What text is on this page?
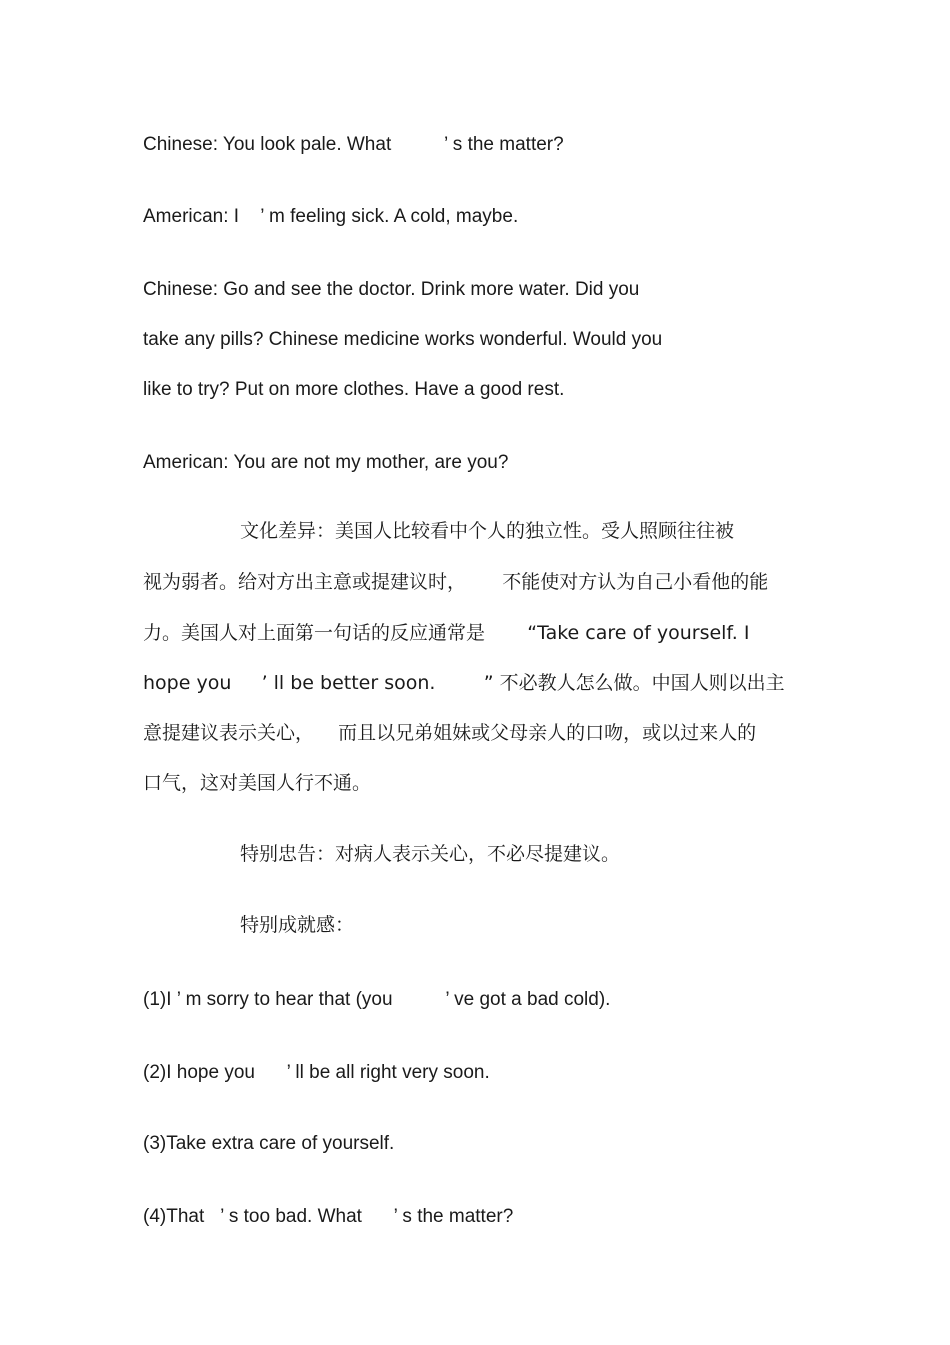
Chinese: You look pale. What          ’ s the matter?
American: I    ’ m feeling sick. A cold, maybe.
Chinese: Go and see the doctor. Drink more water. Did you
take any pills? Chinese medicine works wonderful. Would you
like to try? Put on more clothes. Have a good rest.
American: You are not my mother, are you?
文化差异：美国人比较看中个人的独立性。受人照顾往往被
视为弱者。给对方出主意或提建议时，      不能使对方认为自己小看他的能
力。美国人对上面第一句话的反应通常是       “Take care of yourself. I
hope you     ’ ll be better soon.        ” 不必教人怎么做。中国人则以出主
意提建议表示关心，    而且以兄弟姐妹或父母亲人的口吻，或以过来人的
口气，这对美国人行不通。
特别忠告：对病人表示关心，不必尽提建议。
特别成就感：
(1)I ’ m sorry to hear that (you          ’ ve got a bad cold).
(2)I hope you      ’ ll be all right very soon.
(3)Take extra care of yourself.
(4)That   ’ s too bad. What      ’ s the matter?
